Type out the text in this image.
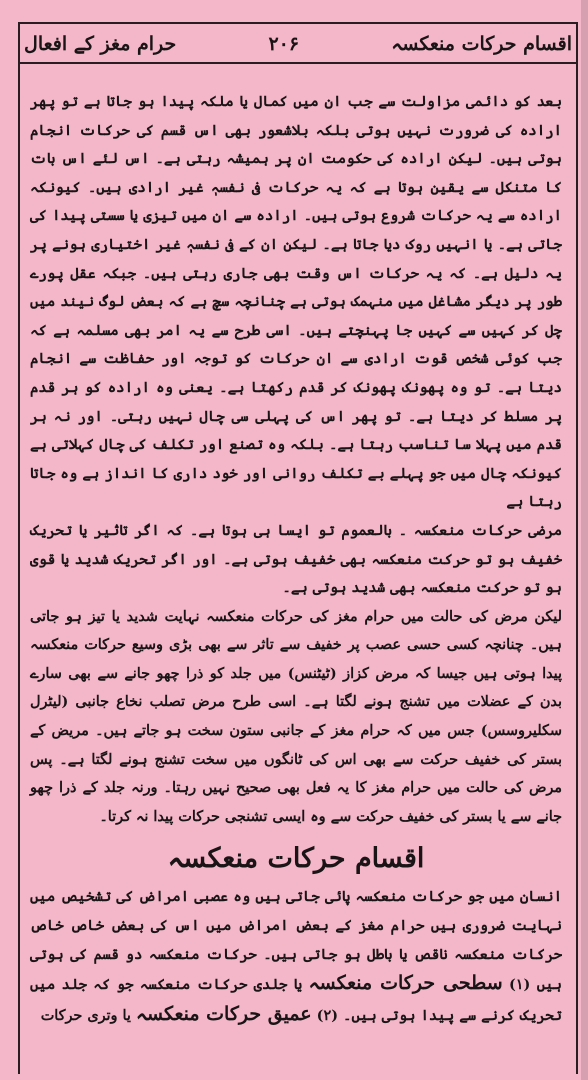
اقسام حرکات منعکسہ
۲۰۶
حرام مغز کے افعال

بعد کو دائمی مزاولت سے جب ان میں کمال یا ملکہ پیدا ہو جاتا ہے تو پھر ارادہ کی ضرورت نہیں ہوتی بلکہ بلاشعور بھی اس قسم کی حرکات انجام ہوتی ہیں۔ لیکن ارادہ کی حکومت ان پر ہمیشہ رہتی ہے۔ اس لئے اس بات کا متنکل سے یقین ہوتا ہے کہ یہ حرکات فی نفسہٖ غیر ارادی ہیں۔ کیونکہ ارادہ سے یہ حرکات شروع ہوتی ہیں۔ ارادہ سے ان میں تیزی یا سستی پیدا کی جاتی ہے۔ یا انہیں روک دیا جاتا ہے۔ لیکن ان کے فی نفسہٖ غیر اختیاری ہونے پر یہ دلیل ہے۔ کہ یہ حرکات اس وقت بھی جاری رہتی ہیں۔ جبکہ عقل پورے طور پر دیگر مشاغل میں منہمک ہوتی ہے چنانچہ سچ ہے کہ بعض لوگ نیند میں چل کر کہیں سے کہیں جا پہنچتے ہیں۔ اسی طرح سے یہ امر بھی مسلمہ ہے کہ جب کوئی شخص قوت ارادی سے ان حرکات کو توجہ اور حفاظت سے انجام دیتا ہے۔ تو وہ پھونک پھونک کر قدم رکھتا ہے۔ یعنی وہ ارادہ کو ہر قدم پر مسلط کر دیتا ہے۔ تو پھر اس کی پہلی سی چال نہیں رہتی۔ اور نہ ہر قدم میں پہلا سا تناسب رہتا ہے۔ بلکہ وہ تصنع اور تکلف کی چال کہلاتی ہے کیونکہ چال میں جو پہلے بے تکلف روانی اور خود داری کا انداز ہے وہ جاتا رہتا ہے

مرضی حرکات منعکسہ ۔ بالعموم تو ایسا ہی ہوتا ہے۔ کہ اگر تاثیر یا تحریک خفیف ہو تو حرکت منعکسہ بھی خفیف ہوتی ہے۔ اور اگر تحریک شدید یا قوی ہو تو حرکت منعکسہ بھی شدید ہوتی ہے۔

لیکن مرض کی حالت میں حرام مغز کی حرکات منعکسہ نہایت شدید یا تیز ہو جاتی ہیں۔ چنانچہ کسی حسی عصب پر خفیف سے تاثر سے بھی بڑی وسیع حرکات منعکسہ پیدا ہوتی ہیں جیسا کہ مرض کزاز (ٹیٹنس) میں جلد کو ذرا چھو جانے سے بھی سارے بدن کے عضلات میں تشنج ہونے لگتا ہے۔ اسی طرح مرض تصلب نخاع جانبی (لیٹرل سکلیروسس) جس میں کہ حرام مغز کے جانبی ستون سخت ہو جاتے ہیں۔ مریض کے بستر کی خفیف حرکت سے بھی اس کی ٹانگوں میں سخت تشنج ہونے لگتا ہے۔ پس مرض کی حالت میں حرام مغز کا یہ فعل بھی صحیح نہیں رہتا۔ ورنہ جلد کے ذرا چھو جانے سے یا بستر کی خفیف حرکت سے وہ ایسی تشنجی حرکات پیدا نہ کرتا۔

اقسام حرکات منعکسہ

انسان میں جو حرکات منعکسہ پائی جاتی ہیں وہ عصبی امراض کی تشخیص میں نہایت ضروری ہیں حرام مغز کے بعض امراض میں اس کی بعض خاص خاص حرکات منعکسہ ناقص یا باطل ہو جاتی ہیں۔ حرکات منعکسہ دو قسم کی ہوتی ہیں (۱) سطحی حرکات منعکسہ یا جلدی حرکات منعکسہ جو کہ جلد میں تحریک کرنے سے پیدا ہوتی ہیں۔ (۲) عمیق حرکات منعکسہ یا وتری حرکات
